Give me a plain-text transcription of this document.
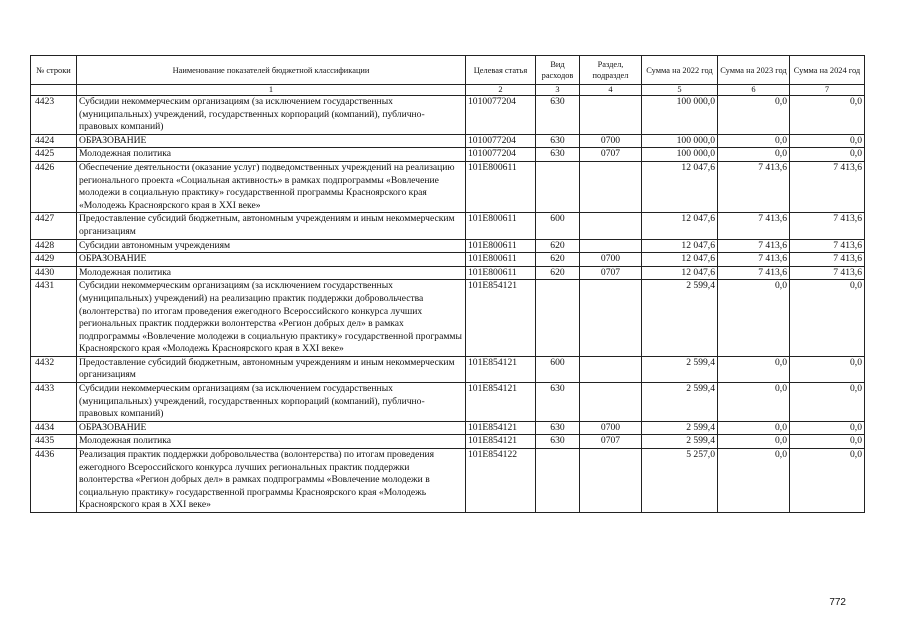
№ строки	Наименование показателей бюджетной классификации	Целевая статья	Вид расходов	Раздел, подраздел	Сумма на 2022 год	Сумма на 2023 год	Сумма на 2024 год
	1	2	3	4	5	6	7
4423	Субсидии некоммерческим организациям (за исключением государственных (муниципальных) учреждений, государственных корпораций (компаний), публично-правовых компаний)	1010077204	630		100 000,0	0,0	0,0
4424	ОБРАЗОВАНИЕ	1010077204	630	0700	100 000,0	0,0	0,0
4425	Молодежная политика	1010077204	630	0707	100 000,0	0,0	0,0
4426	Обеспечение деятельности (оказание услуг) подведомственных учреждений на реализацию регионального проекта «Социальная активность» в рамках подпрограммы «Вовлечение молодежи в социальную практику» государственной программы Красноярского края «Молодежь Красноярского края в XXI веке»	101E800611			12 047,6	7 413,6	7 413,6
4427	Предоставление субсидий бюджетным, автономным учреждениям и иным некоммерческим организациям	101E800611	600		12 047,6	7 413,6	7 413,6
4428	Субсидии автономным учреждениям	101E800611	620		12 047,6	7 413,6	7 413,6
4429	ОБРАЗОВАНИЕ	101E800611	620	0700	12 047,6	7 413,6	7 413,6
4430	Молодежная политика	101E800611	620	0707	12 047,6	7 413,6	7 413,6
4431	Субсидии некоммерческим организациям (за исключением государственных (муниципальных) учреждений) на реализацию практик поддержки добровольчества (волонтерства) по итогам проведения ежегодного Всероссийского конкурса лучших региональных практик поддержки волонтерства «Регион добрых дел» в рамках подпрограммы «Вовлечение молодежи в социальную практику» государственной программы Красноярского края «Молодежь Красноярского края в XXI веке»	101E854121			2 599,4	0,0	0,0
4432	Предоставление субсидий бюджетным, автономным учреждениям и иным некоммерческим организациям	101E854121	600		2 599,4	0,0	0,0
4433	Субсидии некоммерческим организациям (за исключением государственных (муниципальных) учреждений, государственных корпораций (компаний), публично-правовых компаний)	101E854121	630		2 599,4	0,0	0,0
4434	ОБРАЗОВАНИЕ	101E854121	630	0700	2 599,4	0,0	0,0
4435	Молодежная политика	101E854121	630	0707	2 599,4	0,0	0,0
4436	Реализация практик поддержки добровольчества (волонтерства) по итогам проведения ежегодного Всероссийского конкурса лучших региональных практик поддержки волонтерства «Регион добрых дел» в рамках подпрограммы «Вовлечение молодежи в социальную практику» государственной программы Красноярского края «Молодежь Красноярского края в XXI веке»	101E854122			5 257,0	0,0	0,0
772
